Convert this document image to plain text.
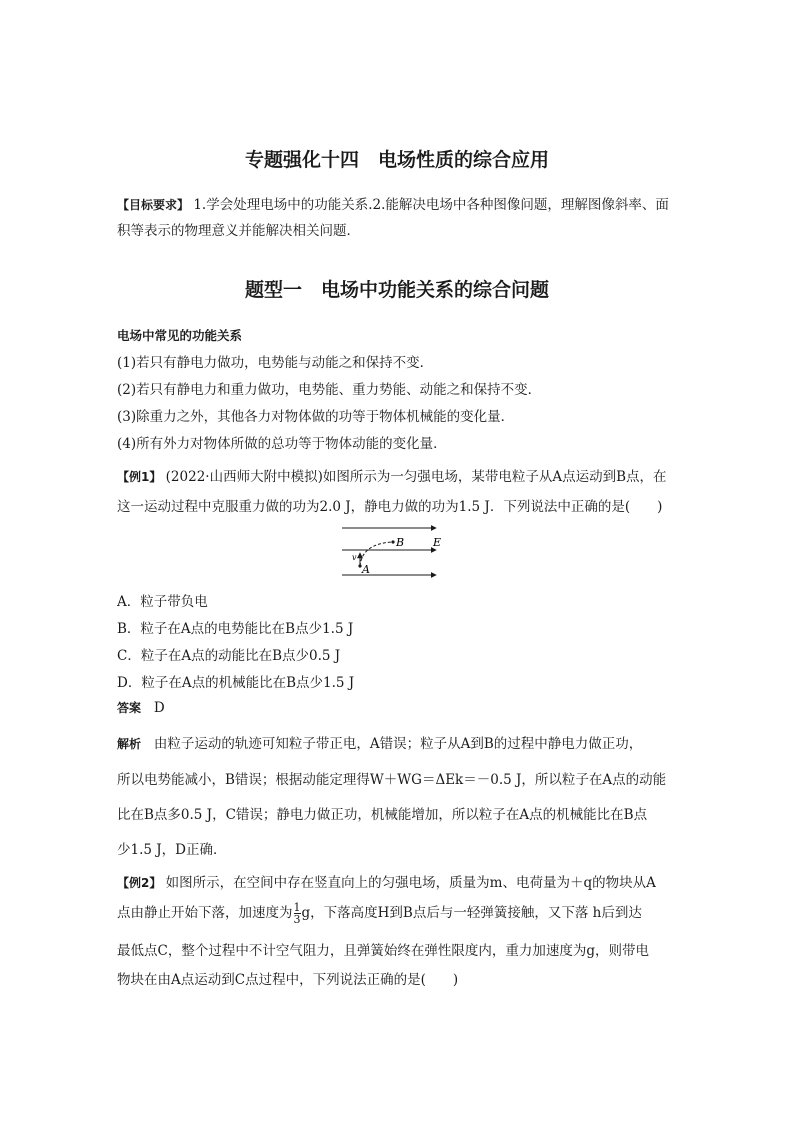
专题强化十四　电场性质的综合应用
【目标要求】 1.学会处理电场中的功能关系.2.能解决电场中各种图像问题，理解图像斜率、面
积等表示的物理意义并能解决相关问题．
题型一　电场中功能关系的综合问题
电场中常见的功能关系
(1)若只有静电力做功，电势能与动能之和保持不变．
(2)若只有静电力和重力做功，电势能、重力势能、动能之和保持不变．
(3)除重力之外，其他各力对物体做的功等于物体机械能的变化量．
(4)所有外力对物体所做的总功等于物体动能的变化量．
【例1】 (2022·山西师大附中模拟)如图所示为一匀强电场，某带电粒子从A点运动到B点，在
这一运动过程中克服重力做的功为2.0 J，静电力做的功为1.5 J．下列说法中正确的是(　　)
B	E
A
v
A．粒子带负电
B．粒子在A点的电势能比在B点少1.5 J
C．粒子在A点的动能比在B点少0.5 J
D．粒子在A点的机械能比在B点少1.5 J
答案 D
解析 由粒子运动的轨迹可知粒子带正电，A错误；粒子从A到B的过程中静电力做正功，
所以电势能减小，B错误；根据动能定理得W＋WG＝ΔEk＝－0.5 J，所以粒子在A点的动能
比在B点多0.5 J，C错误；静电力做正功，机械能增加，所以粒子在A点的机械能比在B点
少1.5 J，D正确．
【例2】 如图所示，在空间中存在竖直向上的匀强电场，质量为m、电荷量为＋q的物块从A
点由静止开始下落，加速度为 $\frac{1}{3}$ g，下落高度H到B点后与一轻弹簧接触，又下落 h后到达
最低点C，整个过程中不计空气阻力，且弹簧始终在弹性限度内，重力加速度为g，则带电
物块在由A点运动到C点过程中，下列说法正确的是(　　)
